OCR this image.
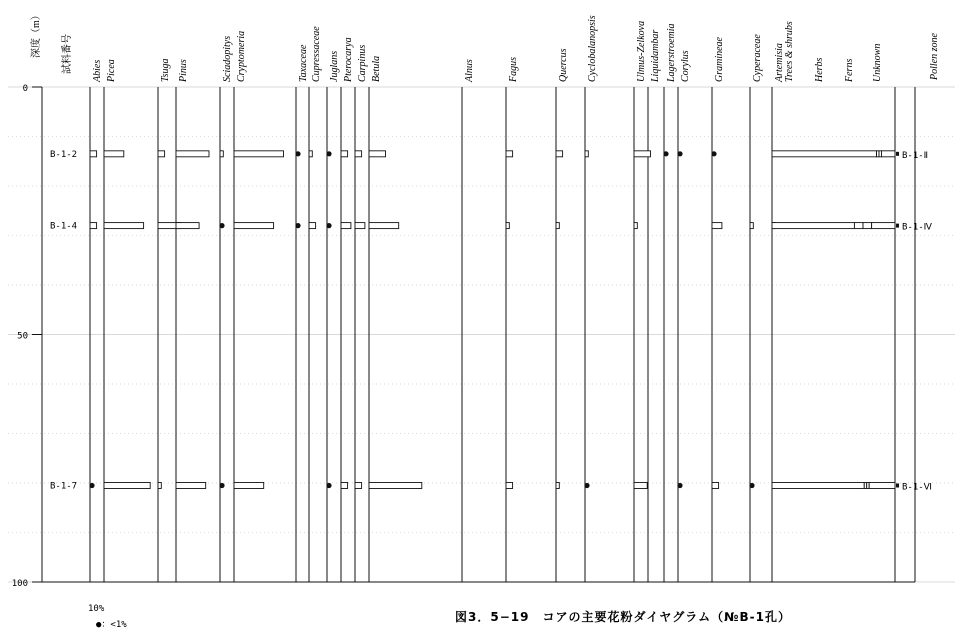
0
50
100
Abies Picea	Tsuga Pinus	Sciadopitys Cryptomeria	Taxaceae Cupressaceae Juglans Pterocarya Carpinus Betula	Alnus	Fagus	Quercus Cyclobalanopsis	Ulmus-Zelkova Liquidambar Lagerstroemia Corylus Gramineae	Cyperaceae Artemisia Trees & shrubs Herbs Ferns Unknown
B-1-2	B-1-Ⅱ
B-1-4	B-1-Ⅳ
B-1-7	B-1-Ⅵ
深度（m） 試料番号	Pollen zone
10%
●：<1%
図3．5−19　コアの主要花粉ダイヤグラム（№B-1孔）
